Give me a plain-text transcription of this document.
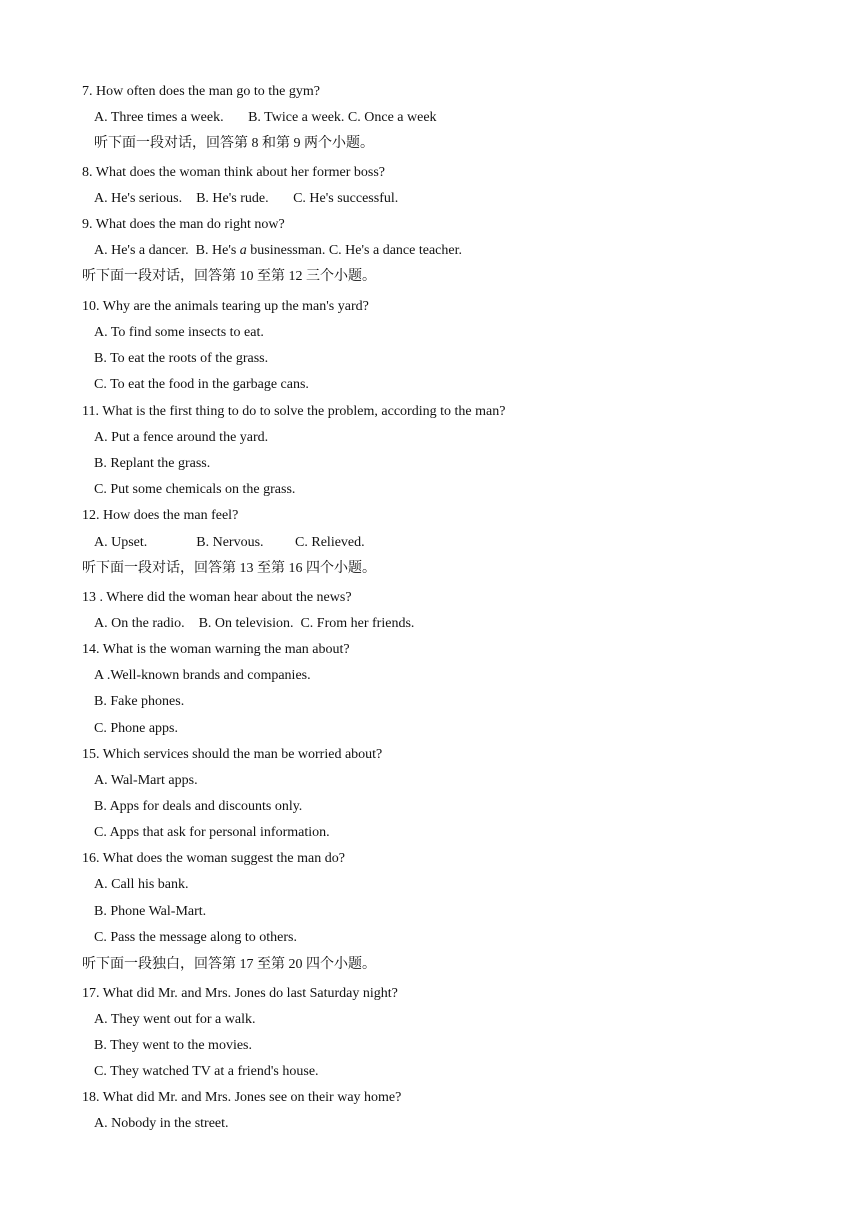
7. How often does the man go to the gym?
A. Three times a week.       B. Twice a week. C. Once a week
听下面一段对话，回答第 8 和第 9 两个小题。
8. What does the woman think about her former boss?
A. He's serious.    B. He's rude.       C. He's successful.
9. What does the man do right now?
A. He's a dancer.  B. He's a businessman. C. He's a dance teacher.
听下面一段对话，回答第 10 至第 12 三个小题。
10. Why are the animals tearing up the man's yard?
A. To find some insects to eat.
B. To eat the roots of the grass.
C. To eat the food in the garbage cans.
11. What is the first thing to do to solve the problem, according to the man?
A. Put a fence around the yard.
B. Replant the grass.
C. Put some chemicals on the grass.
12. How does the man feel?
A. Upset.              B. Nervous.         C. Relieved.
听下面一段对话，回答第 13 至第 16 四个小题。
13 . Where did the woman hear about the news?
A. On the radio.    B. On television.  C. From her friends.
14. What is the woman warning the man about?
A .Well-known brands and companies.
B. Fake phones.
C. Phone apps.
15. Which services should the man be worried about?
A. Wal-Mart apps.
B. Apps for deals and discounts only.
C. Apps that ask for personal information.
16. What does the woman suggest the man do?
A. Call his bank.
B. Phone Wal-Mart.
C. Pass the message along to others.
听下面一段独白，回答第 17 至第 20 四个小题。
17. What did Mr. and Mrs. Jones do last Saturday night?
A. They went out for a walk.
B. They went to the movies.
C. They watched TV at a friend's house.
18. What did Mr. and Mrs. Jones see on their way home?
A. Nobody in the street.
